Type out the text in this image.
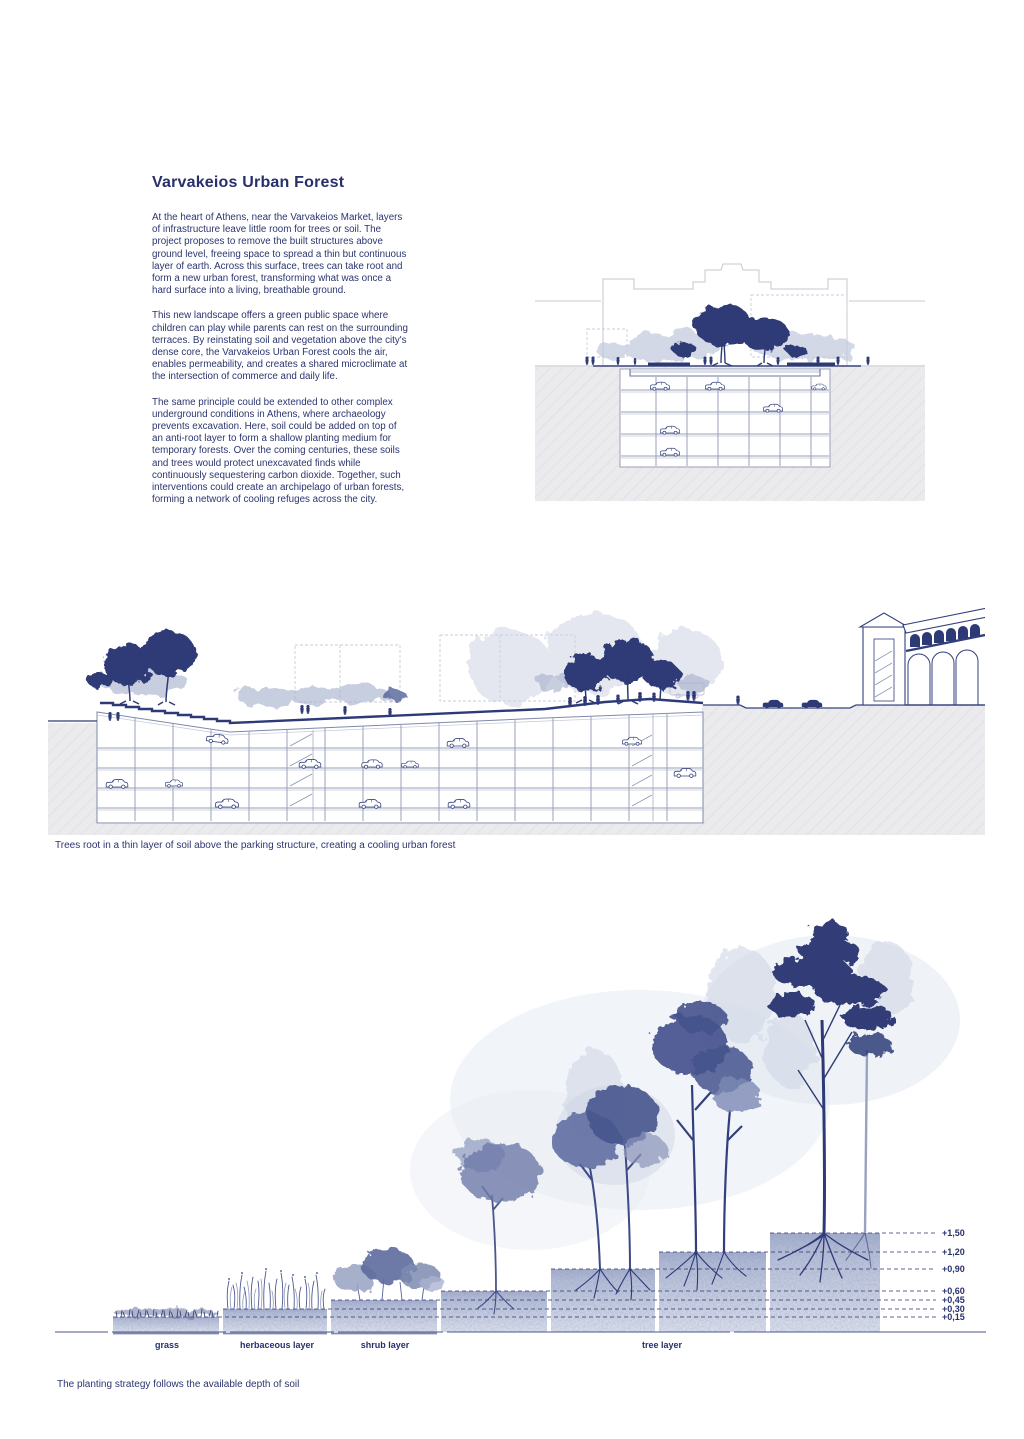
Varvakeios Urban Forest

At the heart of Athens, near the Varvakeios Market, layers of infrastructure leave little room for trees or soil. The project proposes to remove the built structures above ground level, freeing space to spread a thin but continuous layer of earth. Across this surface, trees can take root and form a new urban forest, transforming what was once a hard surface into a living, breathable ground.

This new landscape offers a green public space where children can play while parents can rest on the surrounding terraces. By reinstating soil and vegetation above the city's dense core, the Varvakeios Urban Forest cools the air, enables permeability, and creates a shared microclimate at the intersection of commerce and daily life.

The same principle could be extended to other complex underground conditions in Athens, where archaeology prevents excavation. Here, soil could be added on top of an anti-root layer to form a shallow planting medium for temporary forests. Over the coming centuries, these soils and trees would protect unexcavated finds while continuously sequestering carbon dioxide. Together, such interventions could create an archipelago of urban forests, forming a network of cooling refuges across the city.

Trees root in a thin layer of soil above the parking structure, creating a cooling urban forest
+1,50
+1,20
+0,90
+0,60
+0,45
+0,30
+0,15
grass	herbaceous layer	shrub layer	tree layer
The planting strategy follows the available depth of soil
